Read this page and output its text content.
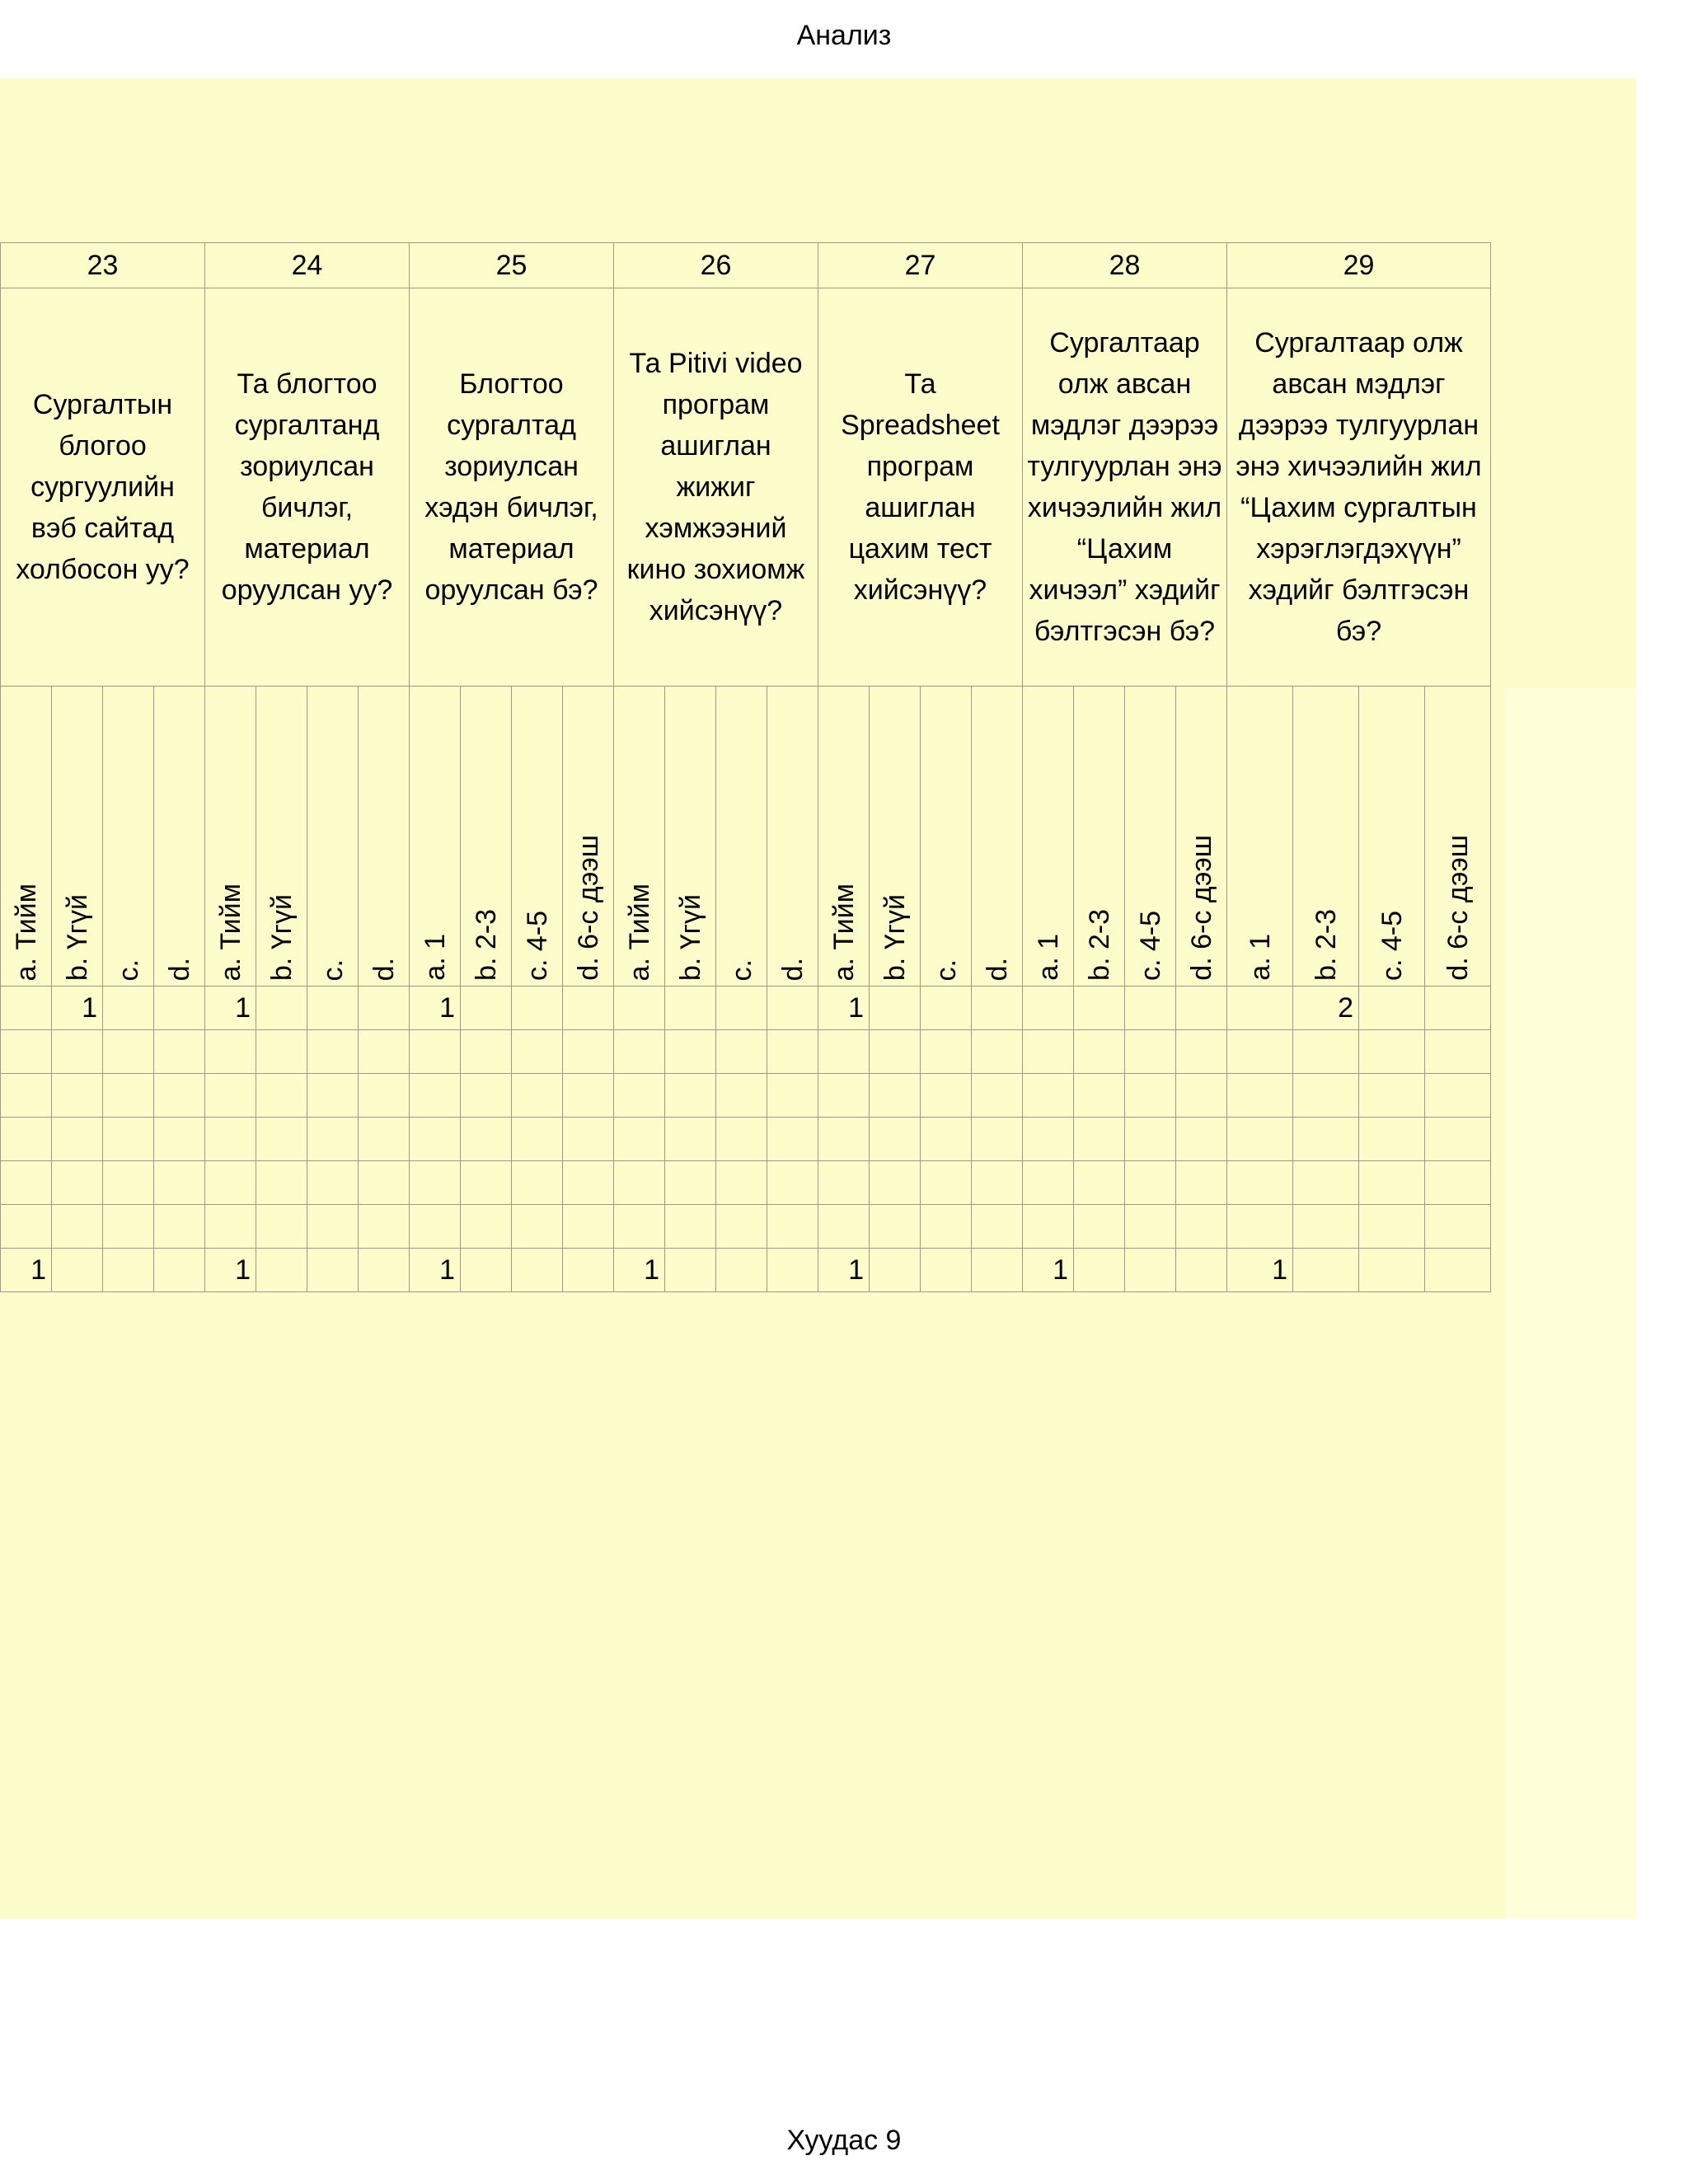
Анализ
23				24				25				26				27				28				29			
Сургалтын блогоо сургуулийн вэб сайтад холбосон уу?				Та блогтоо сургалтанд зориулсан бичлэг, материал оруулсан уу?				Блогтоо сургалтад зориулсан хэдэн бичлэг, материал оруулсан бэ?				Та Pitivi video програм ашиглан жижиг хэмжээний кино зохиомж хийсэнүү?				Та Spreadsheet програм ашиглан цахим тест хийсэнүү?				Сургалтаар олж авсан мэдлэг дээрээ тулгуурлан энэ хичээлийн жил “Цахим хичээл” хэдийг бэлтгэсэн бэ?				Сургалтаар олж авсан мэдлэг дээрээ тулгуурлан энэ хичээлийн жил “Цахим сургалтын хэрэглэгдэхүүн” хэдийг бэлтгэсэн бэ?			

a. Тийм	b. Үгүй	c.	d.	a. Тийм	b. Үгүй	c.	d.	a. 1	b. 2-3	c. 4-5	d. 6-с дээш	a. Тийм	b. Үгүй	c.	d.	a. Тийм	b. Үгүй	c.	d.	a. 1	b. 2-3	c. 4-5	d. 6-с дээш	a. 1	b. 2-3	c. 4-5	d. 6-с дээш

	1			1				1								1									2		

1				1				1				1				1				1				1			
Хуудас 9
